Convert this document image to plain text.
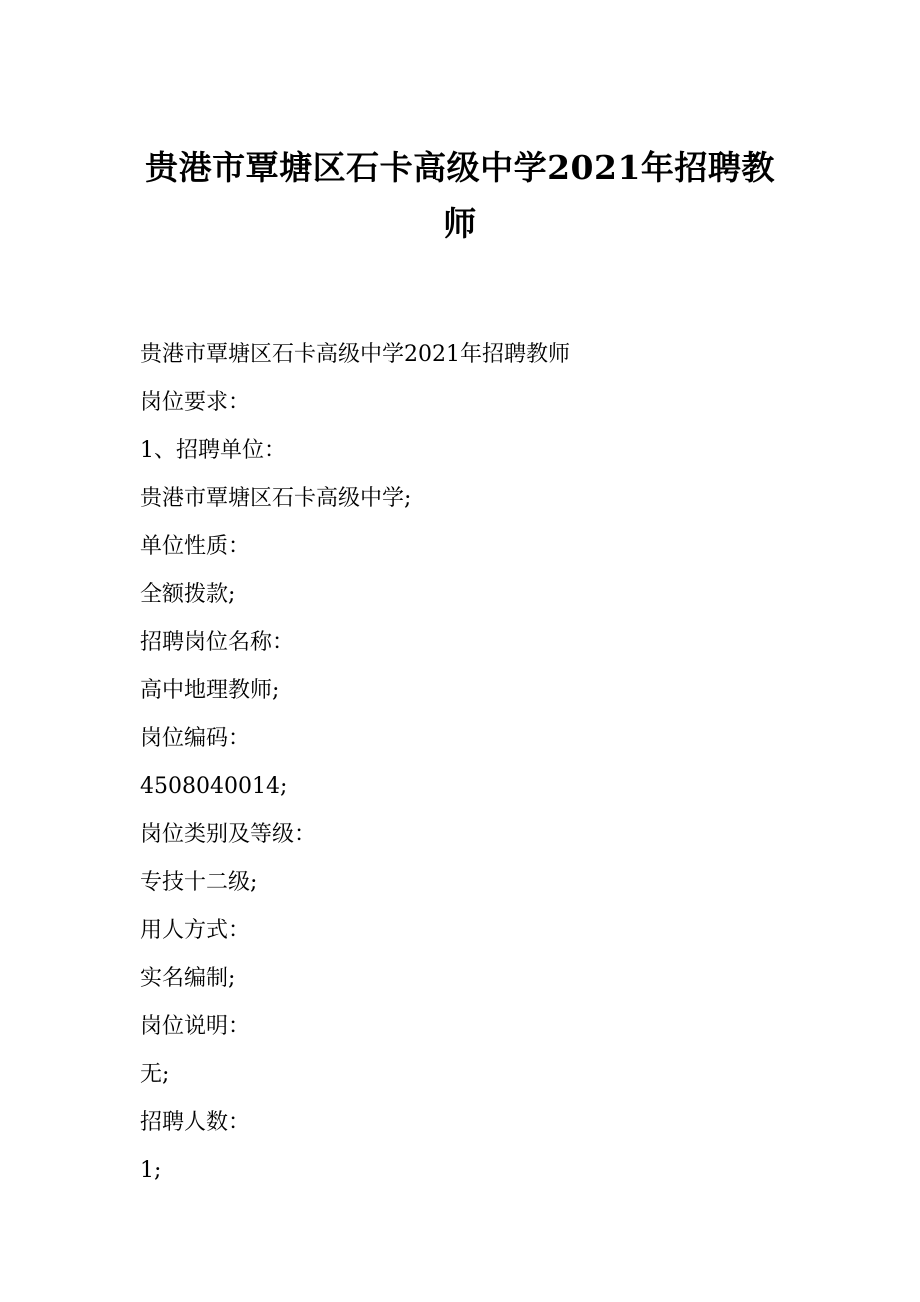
贵港市覃塘区石卡高级中学2021年招聘教
师
贵港市覃塘区石卡高级中学2021年招聘教师
岗位要求：
1、招聘单位：
贵港市覃塘区石卡高级中学;
单位性质：
全额拨款;
招聘岗位名称：
高中地理教师;
岗位编码：
4508040014;
岗位类别及等级：
专技十二级;
用人方式：
实名编制;
岗位说明：
无;
招聘人数：
1;
